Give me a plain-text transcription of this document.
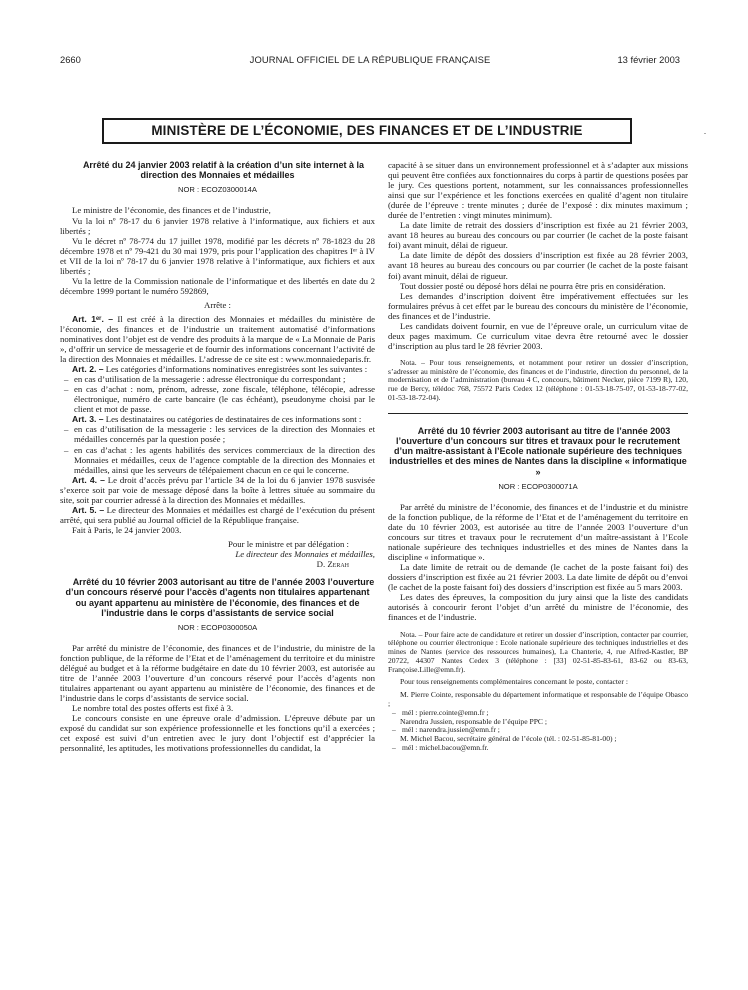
2660	JOURNAL OFFICIEL DE LA RÉPUBLIQUE FRANÇAISE	13 février 2003
MINISTÈRE DE L’ÉCONOMIE, DES FINANCES ET DE L’INDUSTRIE	.

Arrêté du 24 janvier 2003 relatif à la création d’un site internet à la direction des Monnaies et médailles

NOR : ECOZ0300014A

Le ministre de l’économie, des finances et de l’industrie,

Vu la loi nº 78-17 du 6 janvier 1978 relative à l’informatique, aux fichiers et aux libertés ;

Vu le décret nº 78-774 du 17 juillet 1978, modifié par les décrets nº 78-1823 du 28 décembre 1978 et nº 79-421 du 30 mai 1979, pris pour l’application des chapitres Iᵉʳ à IV et VII de la loi nº 78-17 du 6 janvier 1978 relative à l’informatique, aux fichiers et aux libertés ;

Vu la lettre de la Commission nationale de l’informatique et des libertés en date du 2 décembre 1999 portant le numéro 592869,

Arrête :

Art. 1ᵉʳ. – Il est créé à la direction des Monnaies et médailles du ministère de l’économie, des finances et de l’industrie un traitement automatisé d’informations nominatives dont l’objet est de vendre des produits à la marque de « La Monnaie de Paris », d’offrir un service de messagerie et de fournir des informations concernant l’activité de la direction des Monnaies et médailles. L’adresse de ce site est : www.monnaiedeparis.fr.

Art. 2. – Les catégories d’informations nominatives enregistrées sont les suivantes :

– en cas d’utilisation de la messagerie : adresse électronique du correspondant ;
– en cas d’achat : nom, prénom, adresse, zone fiscale, téléphone, télécopie, adresse électronique, numéro de carte bancaire (le cas échéant), pseudonyme choisi par le client et mot de passe.

Art. 3. – Les destinataires ou catégories de destinataires de ces informations sont :

– en cas d’utilisation de la messagerie : les services de la direction des Monnaies et médailles concernés par la question posée ;
– en cas d’achat : les agents habilités des services commerciaux de la direction des Monnaies et médailles, ceux de l’agence comptable de la direction des Monnaies et médailles, ainsi que les serveurs de télépaiement chacun en ce qui le concerne.

Art. 4. – Le droit d’accès prévu par l’article 34 de la loi du 6 janvier 1978 susvisée s’exerce soit par voie de message déposé dans la boîte à lettres située au sommaire du site, soit par courrier adressé à la direction des Monnaies et médailles.

Art. 5. – Le directeur des Monnaies et médailles est chargé de l’exécution du présent arrêté, qui sera publié au Journal officiel de la République française.

Fait à Paris, le 24 janvier 2003.

Pour le ministre et par délégation :

Le directeur des Monnaies et médailles,

D. Zerah

Arrêté du 10 février 2003 autorisant au titre de l’année 2003 l’ouverture d’un concours réservé pour l’accès d’agents non titulaires appartenant ou ayant appartenu au ministère de l’économie, des finances et de l’industrie dans le corps d’assistants de service social

NOR : ECOP0300050A

Par arrêté du ministre de l’économie, des finances et de l’industrie, du ministre de la fonction publique, de la réforme de l’Etat et de l’aménagement du territoire et du ministre délégué au budget et à la réforme budgétaire en date du 10 février 2003, est autorisée au titre de l’année 2003 l’ouverture d’un concours réservé pour l’accès d’agents non titulaires appartenant ou ayant appartenu au ministère de l’économie, des finances et de l’industrie dans le corps d’assistants de service social.

Le nombre total des postes offerts est fixé à 3.

Le concours consiste en une épreuve orale d’admission. L’épreuve débute par un exposé du candidat sur son expérience professionnelle et les fonctions qu’il a exercées ; cet exposé est suivi d’un entretien avec le jury dont l’objectif est d’apprécier la personnalité, les aptitudes, les motivations professionnelles du candidat, la

capacité à se situer dans un environnement professionnel et à s’adapter aux missions qui peuvent être confiées aux fonctionnaires du corps à partir de questions posées par le jury. Ces questions portent, notamment, sur les connaissances professionnelles ainsi que sur l’expérience et les fonctions exercées en qualité d’agent non titulaire (durée de l’épreuve : trente minutes ; durée de l’exposé : dix minutes maximum ; durée de l’entretien : vingt minutes minimum).

La date limite de retrait des dossiers d’inscription est fixée au 21 février 2003, avant 18 heures au bureau des concours ou par courrier (le cachet de la poste faisant foi) avant minuit, délai de rigueur.

La date limite de dépôt des dossiers d’inscription est fixée au 28 février 2003, avant 18 heures au bureau des concours ou par courrier (le cachet de la poste faisant foi) avant minuit, délai de rigueur.

Tout dossier posté ou déposé hors délai ne pourra être pris en considération.

Les demandes d’inscription doivent être impérativement effectuées sur les formulaires prévus à cet effet par le bureau des concours du ministère de l’économie, des finances et de l’industrie.

Les candidats doivent fournir, en vue de l’épreuve orale, un curriculum vitae de deux pages maximum. Ce curriculum vitae devra être retourné avec le dossier d’inscription au plus tard le 28 février 2003.

Nota. – Pour tous renseignements, et notamment pour retirer un dossier d’inscription, s’adresser au ministère de l’économie, des finances et de l’industrie, direction du personnel, de la modernisation et de l’administration (bureau 4 C, concours, bâtiment Necker, pièce 7199 R), 120, rue de Bercy, télédoc 768, 75572 Paris Cedex 12 (téléphone : 01-53-18-75-07, 01-53-18-77-02, 01-53-18-72-04).

Arrêté du 10 février 2003 autorisant au titre de l’année 2003 l’ouverture d’un concours sur titres et travaux pour le recrutement d’un maître-assistant à l’Ecole nationale supérieure des techniques industrielles et des mines de Nantes dans la discipline « informatique »

NOR : ECOP0300071A

Par arrêté du ministre de l’économie, des finances et de l’industrie et du ministre de la fonction publique, de la réforme de l’Etat et de l’aménagement du territoire en date du 10 février 2003, est autorisée au titre de l’année 2003 l’ouverture d’un concours sur titres et travaux pour le recrutement d’un maître-assistant à l’Ecole nationale supérieure des techniques industrielles et des mines de Nantes dans la discipline « informatique ».

La date limite de retrait ou de demande (le cachet de la poste faisant foi) des dossiers d’inscription est fixée au 21 février 2003. La date limite de dépôt ou d’envoi (le cachet de la poste faisant foi) des dossiers d’inscription est fixée au 5 mars 2003.

Les dates des épreuves, la composition du jury ainsi que la liste des candidats autorisés à concourir feront l’objet d’un arrêté du ministre de l’économie, des finances et de l’industrie.

Nota. – Pour faire acte de candidature et retirer un dossier d’inscription, contacter par courrier, téléphone ou courrier électronique : Ecole nationale supérieure des techniques industrielles et des mines de Nantes (service des ressources humaines), La Chanterie, 4, rue Alfred-Kastler, BP 20722, 44307 Nantes Cedex 3 (téléphone : [33] 02-51-85-83-61, 83-62 ou 83-63, Françoise.Lille@emn.fr).

Pour tous renseignements complémentaires concernant le poste, contacter :

M. Pierre Cointe, responsable du département informatique et responsable de l’équipe Obasco ;

– mél : pierre.cointe@emn.fr ;

Narendra Jussien, responsable de l’équipe PPC ;

– mél : narendra.jussien@emn.fr ;

M. Michel Bacou, secrétaire général de l’école (tél. : 02-51-85-81-00) ;

– mél : michel.bacou@emn.fr.
